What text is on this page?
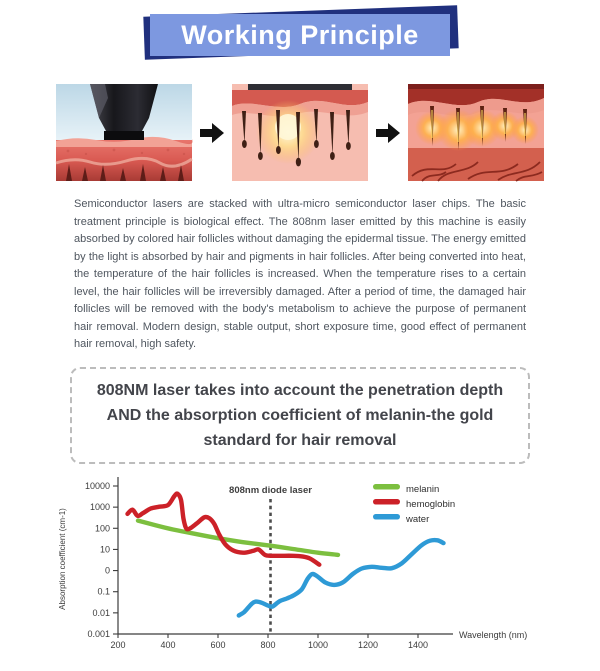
Working Principle

Semiconductor lasers are stacked with ultra-micro semiconductor laser chips. The basic treatment principle is biological effect. The 808nm laser emitted by this machine is easily absorbed by colored hair follicles without damaging the epidermal tissue. The energy emitted by the light is absorbed by hair and pigments in hair follicles. After being converted into heat, the temperature of the hair follicles is increased. When the temperature rises to a certain level, the hair follicles will be irreversibly damaged. After a period of time, the damaged hair follicles will be removed with the body's metabolism to achieve the purpose of permanent hair removal. Modern design, stable output, short exposure time, good effect of permanent hair removal, high safety.

808NM laser takes into account the penetration depth AND the absorption coefficient of melanin-the gold standard for hair removal

10000
1000
100
10
0
0.1
0.01
0.001
200	400	600	800	1000	1200	1400
Wavelength (nm)
Absorption coefficient (cm-1)
808nm diode laser	melanin
hemoglobin
water
